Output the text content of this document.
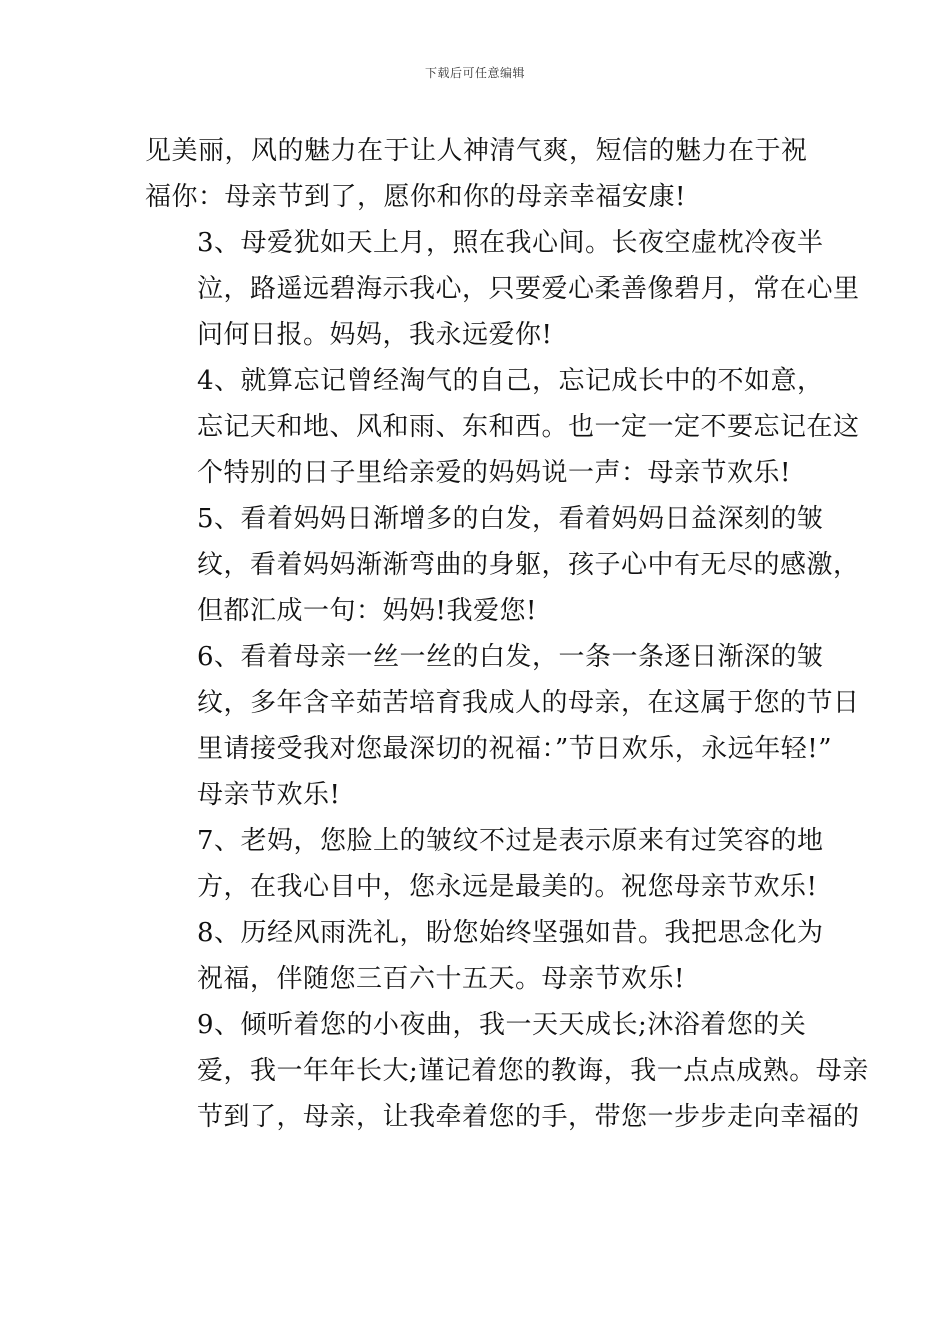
下载后可任意编辑

见美丽，风的魅力在于让人神清气爽，短信的魅力在于祝
福你：母亲节到了，愿你和你的母亲幸福安康!

3、母爱犹如天上月，照在我心间。长夜空虚枕冷夜半
泣，路遥远碧海示我心，只要爱心柔善像碧月，常在心里
问何日报。妈妈，我永远爱你!

4、就算忘记曾经淘气的自己，忘记成长中的不如意，
忘记天和地、风和雨、东和西。也一定一定不要忘记在这
个特别的日子里给亲爱的妈妈说一声：母亲节欢乐!

5、看着妈妈日渐增多的白发，看着妈妈日益深刻的皱
纹，看着妈妈渐渐弯曲的身躯，孩子心中有无尽的感激，
但都汇成一句：妈妈!我爱您!

6、看着母亲一丝一丝的白发，一条一条逐日渐深的皱
纹，多年含辛茹苦培育我成人的母亲，在这属于您的节日
里请接受我对您最深切的祝福：”节日欢乐，永远年轻!”
母亲节欢乐!

7、老妈，您脸上的皱纹不过是表示原来有过笑容的地
方，在我心目中，您永远是最美的。祝您母亲节欢乐!

8、历经风雨洗礼，盼您始终坚强如昔。我把思念化为
祝福，伴随您三百六十五天。母亲节欢乐!

9、倾听着您的小夜曲，我一天天成长;沐浴着您的关
爱，我一年年长大;谨记着您的教诲，我一点点成熟。母亲
节到了，母亲，让我牵着您的手，带您一步步走向幸福的
